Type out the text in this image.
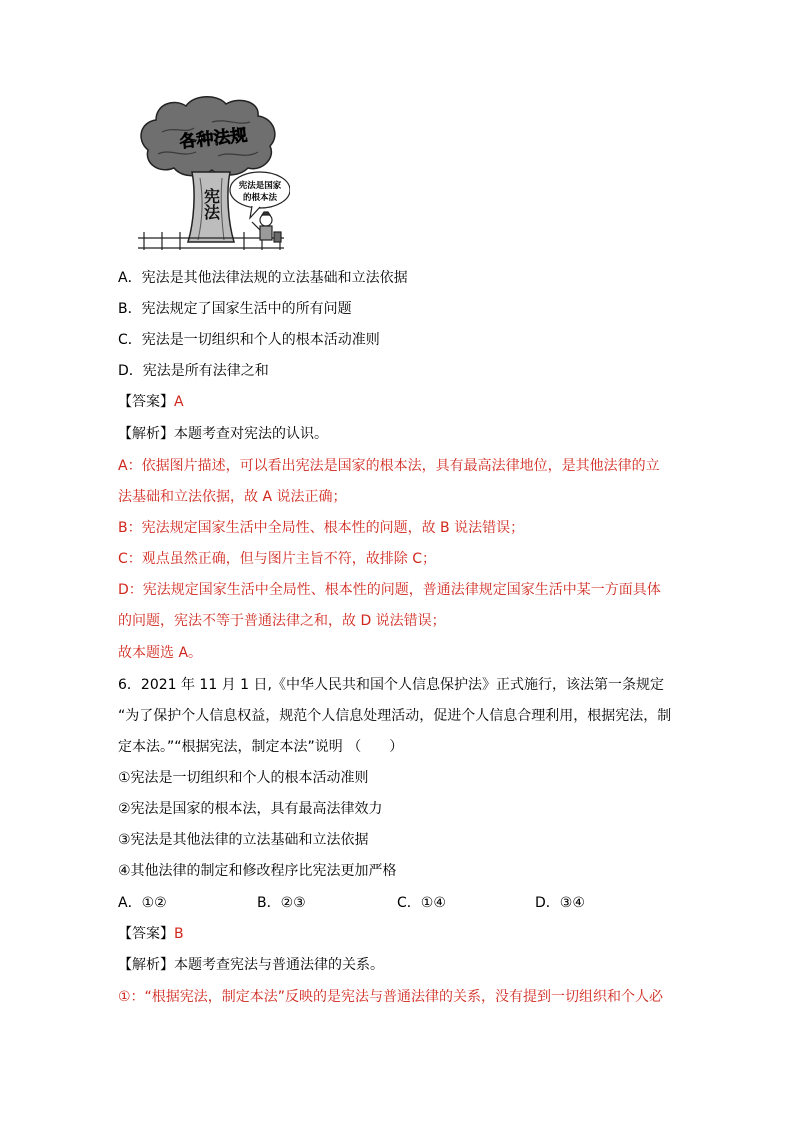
各种法规
宪法
宪法是国家
的根本法
A．宪法是其他法律法规的立法基础和立法依据
B．宪法规定了国家生活中的所有问题
C．宪法是一切组织和个人的根本活动准则
D．宪法是所有法律之和
【答案】A
【解析】本题考查对宪法的认识。
A：依据图片描述，可以看出宪法是国家的根本法，具有最高法律地位，是其他法律的立
法基础和立法依据，故 A 说法正确；
B：宪法规定国家生活中全局性、根本性的问题，故 B 说法错误；
C：观点虽然正确，但与图片主旨不符，故排除 C；
D：宪法规定国家生活中全局性、根本性的问题，普通法律规定国家生活中某一方面具体
的问题，宪法不等于普通法律之和，故 D 说法错误；
故本题选 A。
6．2021 年 11 月 1 日,《中华人民共和国个人信息保护法》正式施行，该法第一条规定
“为了保护个人信息权益，规范个人信息处理活动，促进个人信息合理利用，根据宪法，制
定本法。”“根据宪法，制定本法”说明 （　　）
①宪法是一切组织和个人的根本活动准则
②宪法是国家的根本法，具有最高法律效力
③宪法是其他法律的立法基础和立法依据
④其他法律的制定和修改程序比宪法更加严格
A．①②	B．②③	C．①④	D．③④
【答案】B
【解析】本题考查宪法与普通法律的关系。
①：“根据宪法，制定本法”反映的是宪法与普通法律的关系，没有提到一切组织和个人必
